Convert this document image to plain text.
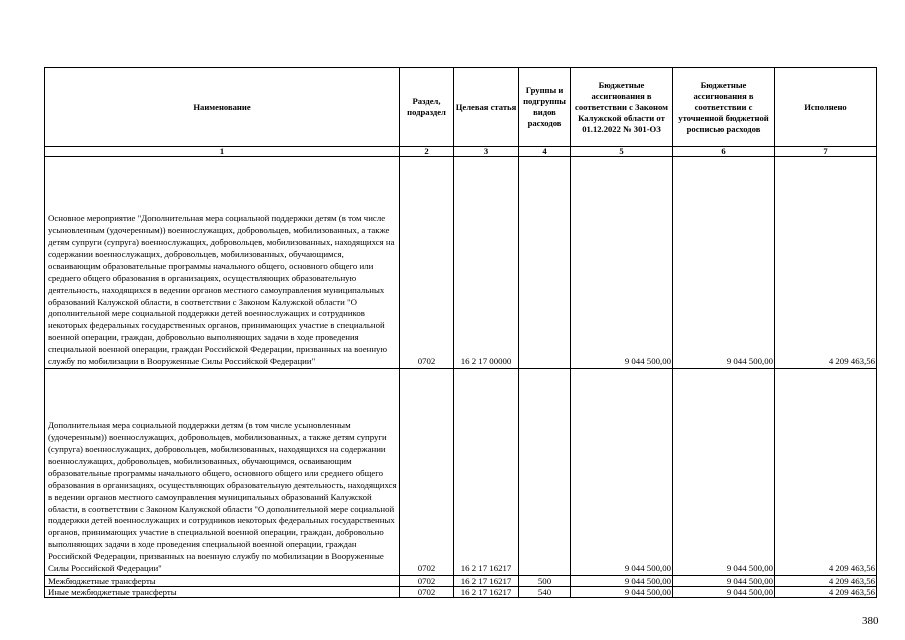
Наименование	Раздел, подраздел	Целевая статья	Группы и подгруппы видов расходов	Бюджетные ассигнования в соответствии с Законом Калужской области от 01.12.2022 № 301-ОЗ	Бюджетные ассигнования в соответствии с уточненной бюджетной росписью расходов	Исполнено
1	2	3	4	5	6	7
Основное мероприятие "Дополнительная мера социальной поддержки детям (в том числе усыновленным (удочеренным)) военнослужащих, добровольцев, мобилизованных, а также детям супруги (супруга) военнослужащих, добровольцев, мобилизованных, находящихся на содержании военнослужащих, добровольцев, мобилизованных, обучающимся, осваивающим образовательные программы начального общего, основного общего или среднего общего образования в организациях, осуществляющих образовательную деятельность, находящихся в ведении органов местного самоуправления муниципальных образований Калужской области, в соответствии с Законом Калужской области "О дополнительной мере социальной поддержки детей военнослужащих и сотрудников некоторых федеральных государственных органов, принимающих участие в специальной военной операции, граждан, добровольно выполняющих задачи в ходе проведения специальной военной операции, граждан Российской Федерации, призванных на военную службу по мобилизации в Вооруженные Силы Российской Федерации"	0702	16 2 17 00000		9 044 500,00	9 044 500,00	4 209 463,56
Дополнительная мера социальной поддержки детям (в том числе усыновленным (удочеренным)) военнослужащих, добровольцев, мобилизованных, а также детям супруги (супруга) военнослужащих, добровольцев, мобилизованных, находящихся на содержании военнослужащих, добровольцев, мобилизованных, обучающимся, осваивающим образовательные программы начального общего, основного общего или среднего общего образования в организациях, осуществляющих образовательную деятельность, находящихся в ведении органов местного самоуправления муниципальных образований Калужской области, в соответствии с Законом Калужской области "О дополнительной мере социальной поддержки детей военнослужащих и сотрудников некоторых федеральных государственных органов, принимающих участие в специальной военной операции, граждан, добровольно выполняющих задачи в ходе проведения специальной военной операции, граждан Российской Федерации, призванных на военную службу по мобилизации в Вооруженные Силы Российской Федерации"	0702	16 2 17 16217		9 044 500,00	9 044 500,00	4 209 463,56
Межбюджетные трансферты	0702	16 2 17 16217	500	9 044 500,00	9 044 500,00	4 209 463,56
Иные межбюджетные трансферты	0702	16 2 17 16217	540	9 044 500,00	9 044 500,00	4 209 463,56
380
